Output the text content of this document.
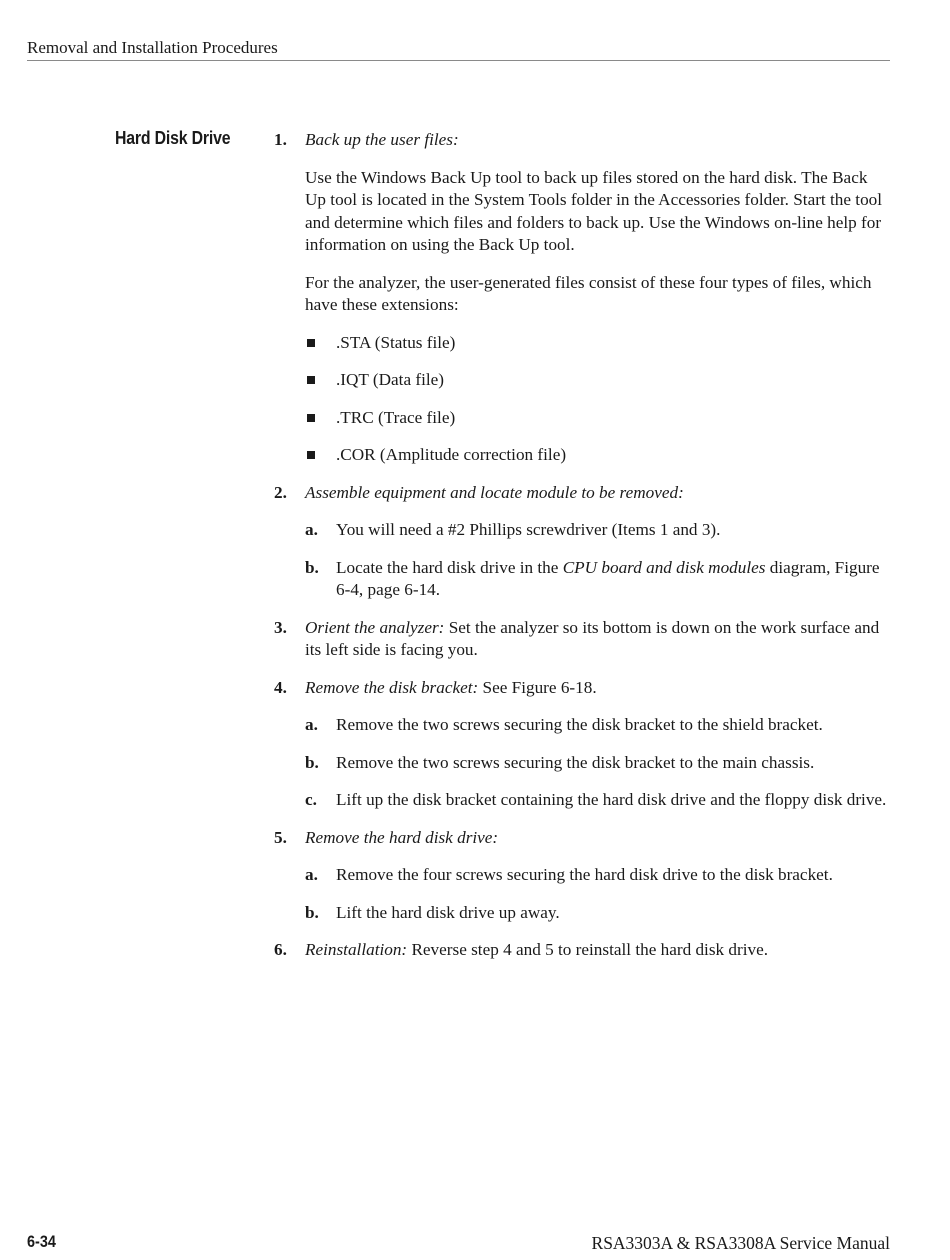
Removal and Installation Procedures
Hard Disk Drive	1.	Back up the user files:

Use the Windows Back Up tool to back up files stored on the hard disk. The Back Up tool is located in the System Tools folder in the Accessories folder. Start the tool and determine which files and folders to back up. Use the Windows on-line help for information on using the Back Up tool.

For the analyzer, the user-generated files consist of these four types of files, which have these extensions:

.STA (Status file)
.IQT (Data file)
.TRC (Trace file)
.COR (Amplitude correction file)
2.	Assemble equipment and locate module to be removed:
a.	You will need a #2 Phillips screwdriver (Items 1 and 3).
b. Locate the hard disk drive in the CPU board and disk modules diagram, Figure 6-4, page 6-14.
3.	Orient the analyzer: Set the analyzer so its bottom is down on the work surface and its left side is facing you.
4.	Remove the disk bracket: See Figure 6-18.
a.	Remove the two screws securing the disk bracket to the shield bracket.
b. Remove the two screws securing the disk bracket to the main chassis.
c.	Lift up the disk bracket containing the hard disk drive and the floppy disk drive.
5.	Remove the hard disk drive:
a.	Remove the four screws securing the hard disk drive to the disk bracket.
b. Lift the hard disk drive up away.
6.	Reinstallation: Reverse step 4 and 5 to reinstall the hard disk drive.
6-34	RSA3303A & RSA3308A Service Manual
